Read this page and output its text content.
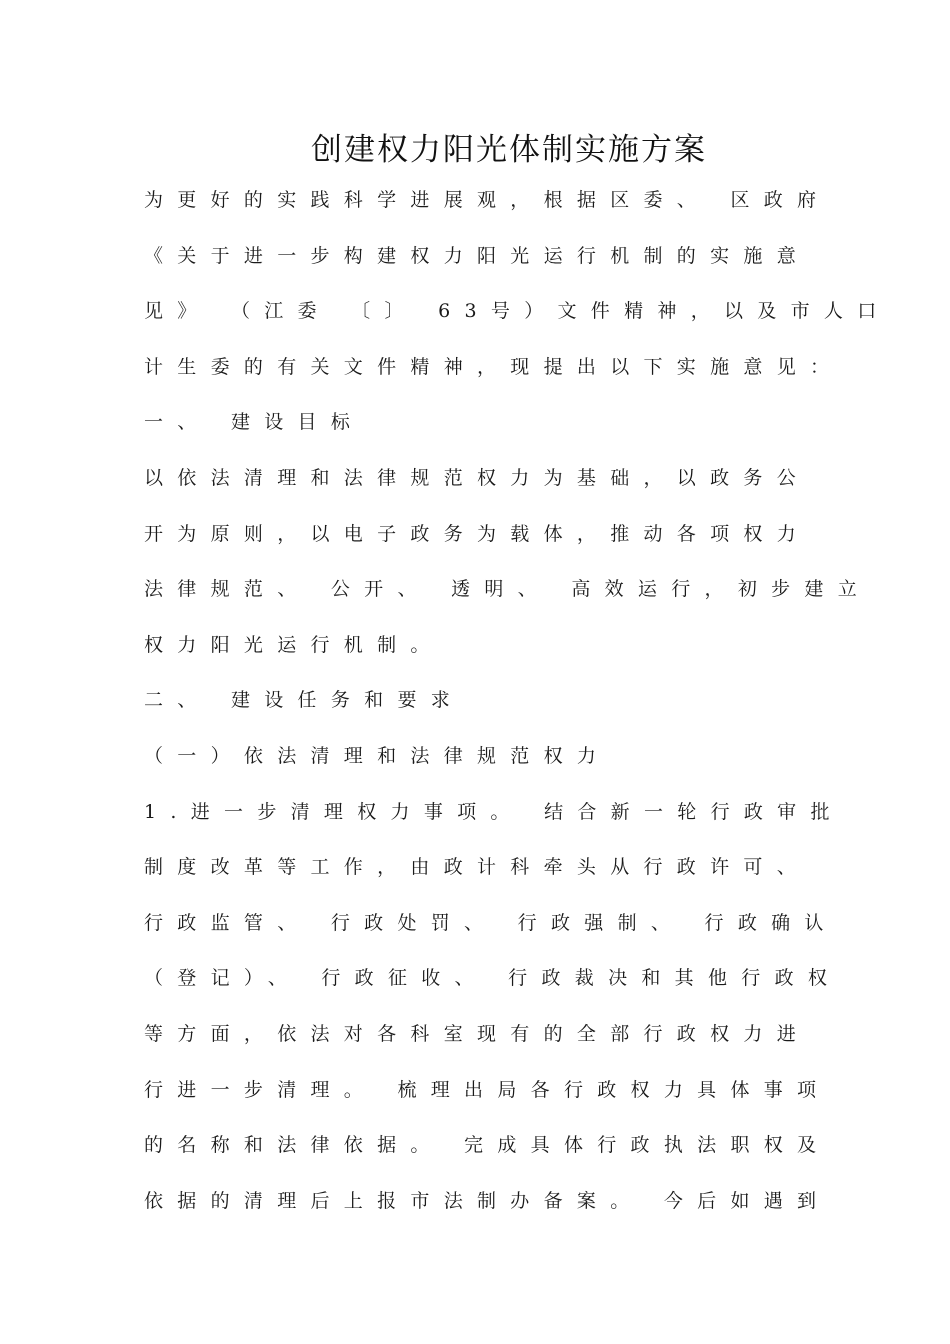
创建权力阳光体制实施方案
为更好的实践科学进展观，根据区委、 区政府
《关于进一步构建权力阳光运行机制的实施意
见》 （江委 〔〕 63号）文件精神，以及市人口
计生委的有关文件精神，现提出以下实施意见：
一、 建设目标
以依法清理和法律规范权力为基础，以政务公
开为原则，以电子政务为载体，推动各项权力
法律规范、 公开、 透明、 高效运行，初步建立
权力阳光运行机制。
二、 建设任务和要求
（一）依法清理和法律规范权力
1.进一步清理权力事项。 结合新一轮行政审批
制度改革等工作，由政计科牵头从行政许可、
行政监管、 行政处罚、 行政强制、 行政确认
（登记）、 行政征收、 行政裁决和其他行政权
等方面，依法对各科室现有的全部行政权力进
行进一步清理。 梳理出局各行政权力具体事项
的名称和法律依据。 完成具体行政执法职权及
依据的清理后上报市法制办备案。 今后如遇到
